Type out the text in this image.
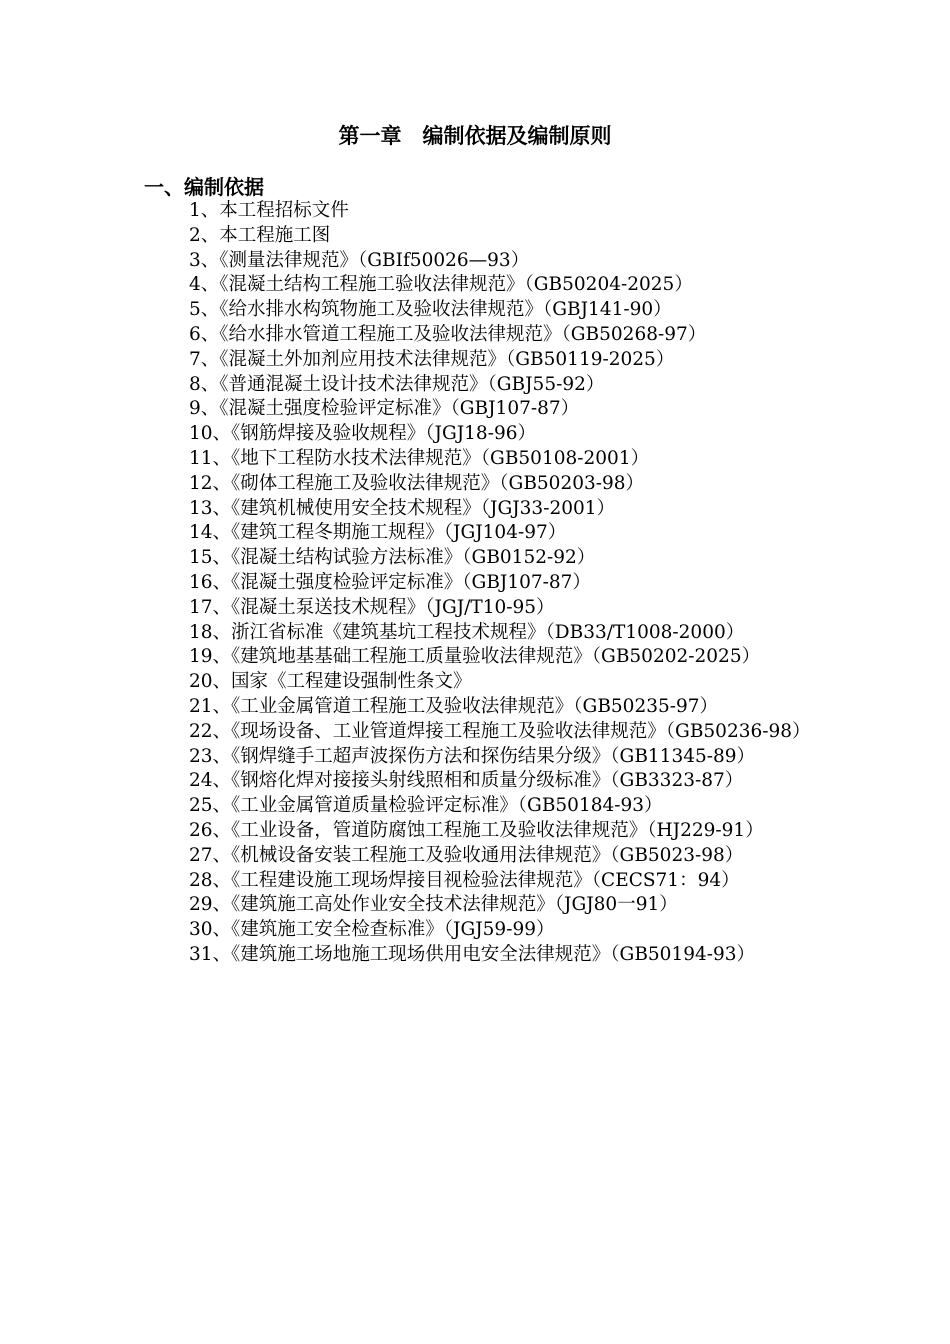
第一章　编制依据及编制原则
一、编制依据
1、本工程招标文件
2、本工程施工图
3、《测量法律规范》（GBIf50026—93）
4、《混凝土结构工程施工验收法律规范》（GB50204-2025）
5、《给水排水构筑物施工及验收法律规范》（GBJ141-90）
6、《给水排水管道工程施工及验收法律规范》（GB50268-97）
7、《混凝土外加剂应用技术法律规范》（GB50119-2025）
8、《普通混凝土设计技术法律规范》（GBJ55-92）
9、《混凝土强度检验评定标准》（GBJ107-87）
10、《钢筋焊接及验收规程》（JGJ18-96）
11、《地下工程防水技术法律规范》（GB50108-2001）
12、《砌体工程施工及验收法律规范》（GB50203-98）
13、《建筑机械使用安全技术规程》（JGJ33-2001）
14、《建筑工程冬期施工规程》（JGJ104-97）
15、《混凝土结构试验方法标准》（GB0152-92）
16、《混凝土强度检验评定标准》（GBJ107-87）
17、《混凝土泵送技术规程》（JGJ/T10-95）
18、浙江省标准《建筑基坑工程技术规程》（DB33/T1008-2000）
19、《建筑地基基础工程施工质量验收法律规范》（GB50202-2025）
20、国家《工程建设强制性条文》
21、《工业金属管道工程施工及验收法律规范》（GB50235-97）
22、《现场设备、工业管道焊接工程施工及验收法律规范》（GB50236-98）
23、《钢焊缝手工超声波探伤方法和探伤结果分级》（GB11345-89）
24、《钢熔化焊对接接头射线照相和质量分级标准》（GB3323-87）
25、《工业金属管道质量检验评定标准》（GB50184-93）
26、《工业设备，管道防腐蚀工程施工及验收法律规范》（HJ229-91）
27、《机械设备安装工程施工及验收通用法律规范》（GB5023-98）
28、《工程建设施工现场焊接目视检验法律规范》（CECS71：94）
29、《建筑施工高处作业安全技术法律规范》（JGJ80一91）
30、《建筑施工安全检查标准》（JGJ59-99）
31、《建筑施工场地施工现场供用电安全法律规范》（GB50194-93）
